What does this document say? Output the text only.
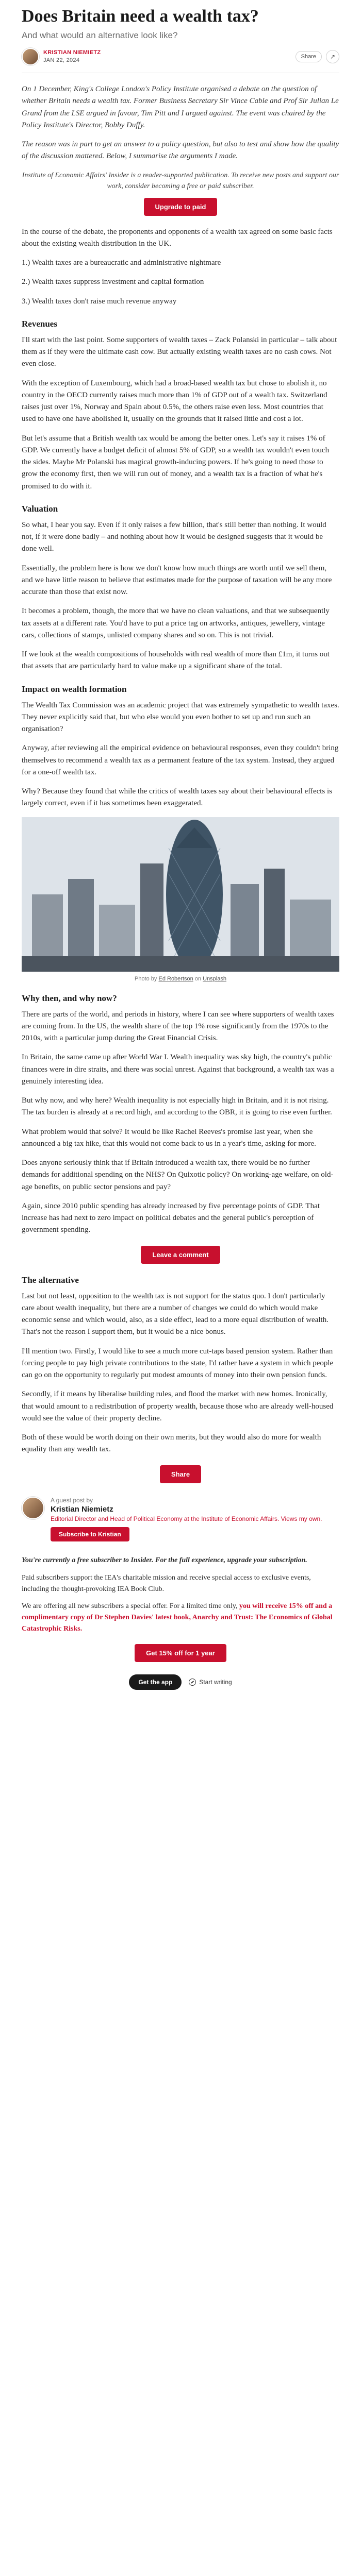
Does Britain need a wealth tax?
And what would an alternative look like?
KRISTIAN NIEMIETZ
JAN 22, 2024
Share	↗

On 1 December, King's College London's Policy Institute organised a debate on the question of whether Britain needs a wealth tax. Former Business Secretary Sir Vince Cable and Prof Sir Julian Le Grand from the LSE argued in favour, Tim Pitt and I argued against. The event was chaired by the Policy Institute's Director, Bobby Duffy.

The reason was in part to get an answer to a policy question, but also to test and show how the quality of the discussion mattered. Below, I summarise the arguments I made.

Institute of Economic Affairs' Insider is a reader-supported publication. To receive new posts and support our work, consider becoming a free or paid subscriber.

Upgrade to paid

In the course of the debate, the proponents and opponents of a wealth tax agreed on some basic facts about the existing wealth distribution in the UK.

1.) Wealth taxes are a bureaucratic and administrative nightmare

2.) Wealth taxes suppress investment and capital formation

3.) Wealth taxes don't raise much revenue anyway

Revenues

I'll start with the last point. Some supporters of wealth taxes – Zack Polanski in particular – talk about them as if they were the ultimate cash cow. But actually existing wealth taxes are no cash cows. Not even close.

With the exception of Luxembourg, which had a broad-based wealth tax but chose to abolish it, no country in the OECD currently raises much more than 1% of GDP out of a wealth tax. Switzerland raises just over 1%, Norway and Spain about 0.5%, the others raise even less. Most countries that used to have one have abolished it, usually on the grounds that it raised little and cost a lot.

But let's assume that a British wealth tax would be among the better ones. Let's say it raises 1% of GDP. We currently have a budget deficit of almost 5% of GDP, so a wealth tax wouldn't even touch the sides. Maybe Mr Polanski has magical growth-inducing powers. If he's going to need those to grow the economy first, then we will run out of money, and a wealth tax is a fraction of what he's promised to do with it.

Valuation

So what, I hear you say. Even if it only raises a few billion, that's still better than nothing. It would not, if it were done badly – and nothing about how it would be designed suggests that it would be done well.

Essentially, the problem here is how we don't know how much things are worth until we sell them, and we have little reason to believe that estimates made for the purpose of taxation will be any more accurate than those that exist now.

It becomes a problem, though, the more that we have no clean valuations, and that we subsequently tax assets at a different rate. You'd have to put a price tag on artworks, antiques, jewellery, vintage cars, collections of stamps, unlisted company shares and so on. This is not trivial.

If we look at the wealth compositions of households with real wealth of more than £1m, it turns out that assets that are particularly hard to value make up a significant share of the total.

Impact on wealth formation

The Wealth Tax Commission was an academic project that was extremely sympathetic to wealth taxes. They never explicitly said that, but who else would you even bother to set up and run such an organisation?

Anyway, after reviewing all the empirical evidence on behavioural responses, even they couldn't bring themselves to recommend a wealth tax as a permanent feature of the tax system. Instead, they argued for a one-off wealth tax.

Why? Because they found that while the critics of wealth taxes say about their behavioural effects is largely correct, even if it has sometimes been exaggerated.

Photo by Ed Robertson on Unsplash
Why then, and why now?

There are parts of the world, and periods in history, where I can see where supporters of wealth taxes are coming from. In the US, the wealth share of the top 1% rose significantly from the 1970s to the 2010s, with a particular jump during the Great Financial Crisis.

In Britain, the same came up after World War I. Wealth inequality was sky high, the country's public finances were in dire straits, and there was social unrest. Against that background, a wealth tax was a genuinely interesting idea.

But why now, and why here? Wealth inequality is not especially high in Britain, and it is not rising. The tax burden is already at a record high, and according to the OBR, it is going to rise even further.

What problem would that solve? It would be like Rachel Reeves's promise last year, when she announced a big tax hike, that this would not come back to us in a year's time, asking for more.

Does anyone seriously think that if Britain introduced a wealth tax, there would be no further demands for additional spending on the NHS? On Quixotic policy? On working-age welfare, on old-age benefits, on public sector pensions and pay?

Again, since 2010 public spending has already increased by five percentage points of GDP. That increase has had next to zero impact on political debates and the general public's perception of government spending.

Leave a comment
The alternative

Last but not least, opposition to the wealth tax is not support for the status quo. I don't particularly care about wealth inequality, but there are a number of changes we could do which would make economic sense and which would, also, as a side effect, lead to a more equal distribution of wealth. That's not the reason I support them, but it would be a nice bonus.

I'll mention two. Firstly, I would like to see a much more cut-taps based pension system. Rather than forcing people to pay high private contributions to the state, I'd rather have a system in which people can go on the opportunity to regularly put modest amounts of money into their own pension funds.

Secondly, if it means by liberalise building rules, and flood the market with new homes. Ironically, that would amount to a redistribution of property wealth, because those who are already well-housed would see the value of their property decline.

Both of these would be worth doing on their own merits, but they would also do more for wealth equality than any wealth tax.

Share
A guest post by
Kristian Niemietz
Editorial Director and Head of Political Economy at the Institute of Economic Affairs. Views my own.
Subscribe to Kristian

You're currently a free subscriber to Insider. For the full experience, upgrade your subscription.

Paid subscribers support the IEA's charitable mission and receive special access to exclusive events, including the thought-provoking IEA Book Club.

We are offering all new subscribers a special offer. For a limited time only, you will receive 15% off and a complimentary copy of Dr Stephen Davies' latest book, Anarchy and Trust: The Economics of Global Catastrophic Risks.

Get 15% off for 1 year
Get the app	Start writing
